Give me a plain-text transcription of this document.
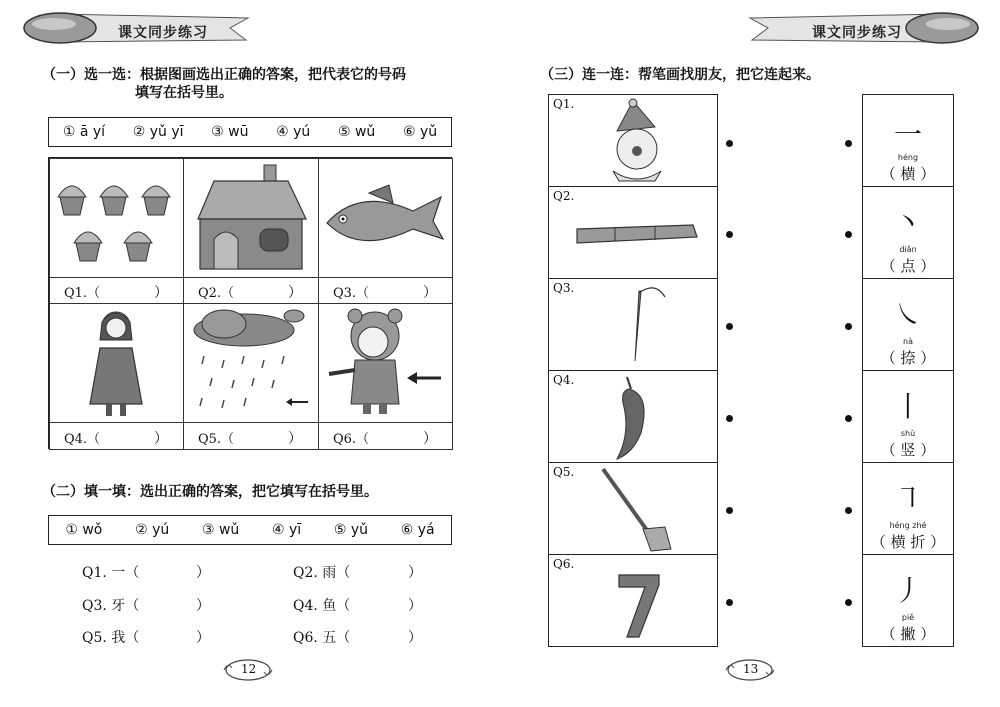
课文同步练习
（一）选一选：根据图画选出正确的答案，把代表它的号码
填写在括号里。
① ā yí ② yǔ yī ③ wū ④ yú ⑤ wǔ ⑥ yǔ
Q1.（	） Q2.（	） Q3.（	）
Q4.（	） Q5.（	） Q6.（	）
（二）填一填：选出正确的答案，把它填写在括号里。
① wǒ ② yú ③ wǔ ④ yī ⑤ yǔ ⑥ yá
Q1. 一（	）	Q2. 雨（	）
Q3. 牙（	）	Q4. 鱼（	）
Q5. 我（	）	Q6. 五（	）
12
课文同步练习
（三）连一连：帮笔画找朋友，把它连起来。
Q1.
Q2.
Q3.
Q4.
Q5.
Q6.
一
héng
（ 横 ）
丶
diǎn
（ 点 ）
㇏
nà
（ 捺 ）
丨
shù
（ 竖 ）
㇕
héng zhé
（ 横 折 ）
丿
piě
（ 撇 ）
13
